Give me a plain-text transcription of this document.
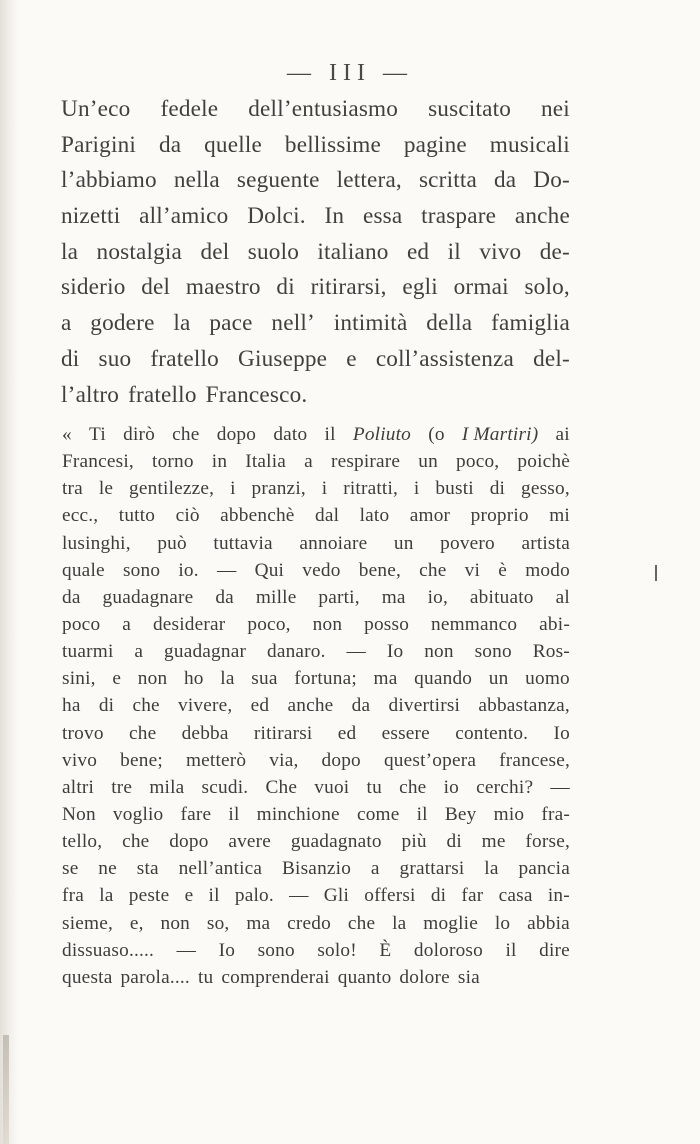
— III —
Un’eco fedele dell’entusiasmo suscitato nei
Parigini da quelle bellissime pagine musicali
l’abbiamo nella seguente lettera, scritta da Do-
nizetti all’amico Dolci. In essa traspare anche
la nostalgia del suolo italiano ed il vivo de-
siderio del maestro di ritirarsi, egli ormai solo,
a godere la pace nell’ intimità della famiglia
di suo fratello Giuseppe e coll’assistenza del-
l’altro fratello Francesco.
« Ti dirò che dopo dato il Poliuto (o I Martiri) ai
Francesi, torno in Italia a respirare un poco, poichè
tra le gentilezze, i pranzi, i ritratti, i busti di gesso,
ecc., tutto ciò abbenchè dal lato amor proprio mi
lusinghi, può tuttavia annoiare un povero artista
quale sono io. — Qui vedo bene, che vi è modo
da guadagnare da mille parti, ma io, abituato al
poco a desiderar poco, non posso nemmanco abi-
tuarmi a guadagnar danaro. — Io non sono Ros-
sini, e non ho la sua fortuna; ma quando un uomo
ha di che vivere, ed anche da divertirsi abbastanza,
trovo che debba ritirarsi ed essere contento. Io
vivo bene; metterò via, dopo quest’opera francese,
altri tre mila scudi. Che vuoi tu che io cerchi? —
Non voglio fare il minchione come il Bey mio fra-
tello, che dopo avere guadagnato più di me forse,
se ne sta nell’antica Bisanzio a grattarsi la pancia
fra la peste e il palo. — Gli offersi di far casa in-
sieme, e, non so, ma credo che la moglie lo abbia
dissuaso..... — Io sono solo! È doloroso il dire
questa parola.... tu comprenderai quanto dolore sia
